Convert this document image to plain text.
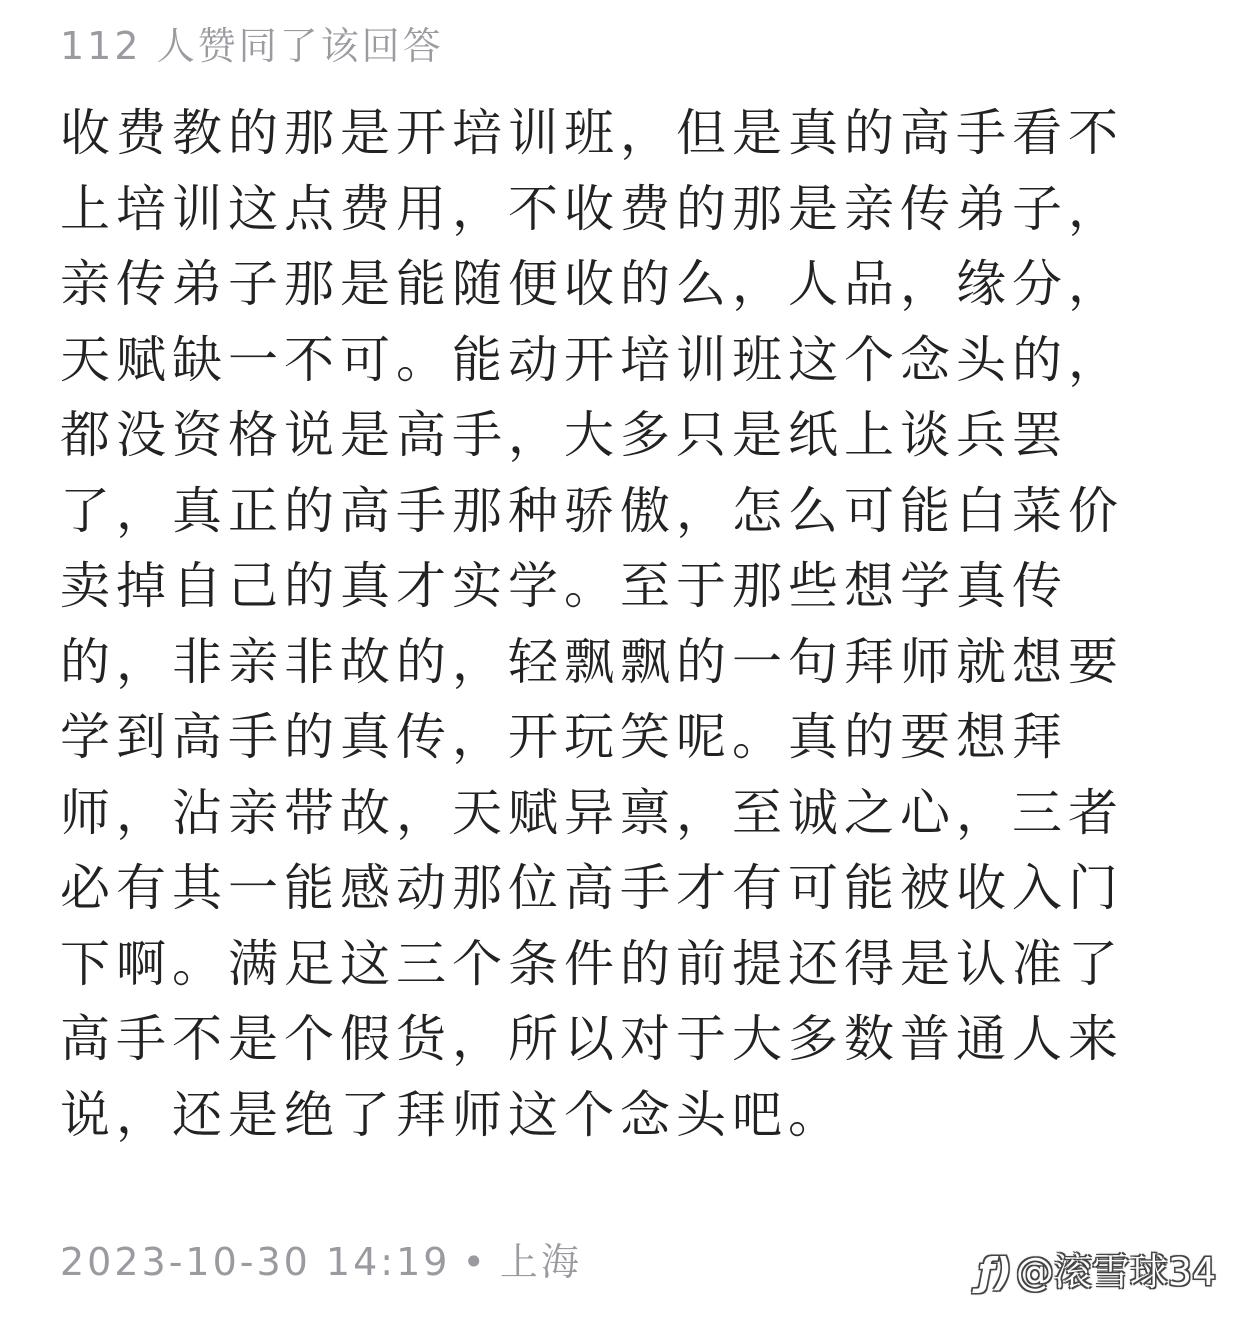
112 人赞同了该回答
收费教的那是开培训班，但是真的高手看不
上培训这点费用，不收费的那是亲传弟子，
亲传弟子那是能随便收的么，人品，缘分，
天赋缺一不可。能动开培训班这个念头的，
都没资格说是高手，大多只是纸上谈兵罢
了，真正的高手那种骄傲，怎么可能白菜价
卖掉自己的真才实学。至于那些想学真传
的，非亲非故的，轻飘飘的一句拜师就想要
学到高手的真传，开玩笑呢。真的要想拜
师，沾亲带故，天赋异禀，至诚之心，三者
必有其一能感动那位高手才有可能被收入门
下啊。满足这三个条件的前提还得是认准了
高手不是个假货，所以对于大多数普通人来
说，还是绝了拜师这个念头吧。
2023-10-30 14:19 • 上海	ƒ) @滚雪球34
